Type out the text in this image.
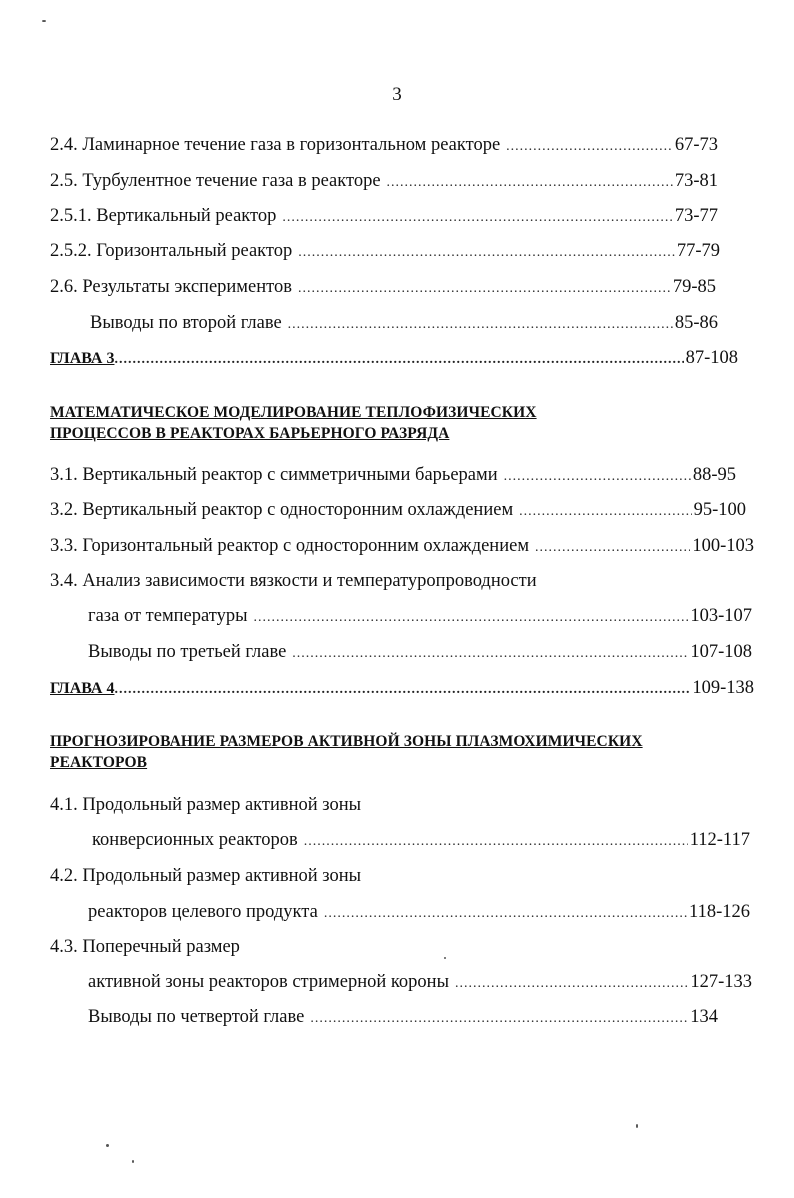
3
2.4. Ламинарное течение газа в горизонтальном реакторе .....	67-73
2.5. Турбулентное течение газа в реакторе .....	73-81
2.5.1. Вертикальный реактор .....	73-77
2.5.2. Горизонтальный реактор .....	77-79
2.6. Результаты экспериментов .....	79-85
Выводы по второй главе .....	85-86
ГЛАВА 3 .....	87-108
МАТЕМАТИЧЕСКОЕ МОДЕЛИРОВАНИЕ ТЕПЛОФИЗИЧЕСКИХ
ПРОЦЕССОВ В РЕАКТОРАХ БАРЬЕРНОГО РАЗРЯДА
3.1. Вертикальный реактор с симметричными барьерами .....	88-95
3.2. Вертикальный реактор с односторонним охлаждением .....	95-100
3.3. Горизонтальный реактор с односторонним охлаждением .....	100-103
3.4. Анализ зависимости вязкости и температуропроводности
газа от температуры .....	103-107
Выводы по третьей главе .....	107-108
ГЛАВА 4 .....	109-138
ПРОГНОЗИРОВАНИЕ РАЗМЕРОВ АКТИВНОЙ ЗОНЫ ПЛАЗМОХИМИЧЕСКИХ
РЕАКТОРОВ
4.1. Продольный размер активной зоны
конверсионных реакторов .....	112-117
4.2. Продольный размер активной зоны
реакторов целевого продукта .....	118-126
4.3. Поперечный размер
активной зоны реакторов стримерной короны .....	127-133
Выводы по четвертой главе .....	134
